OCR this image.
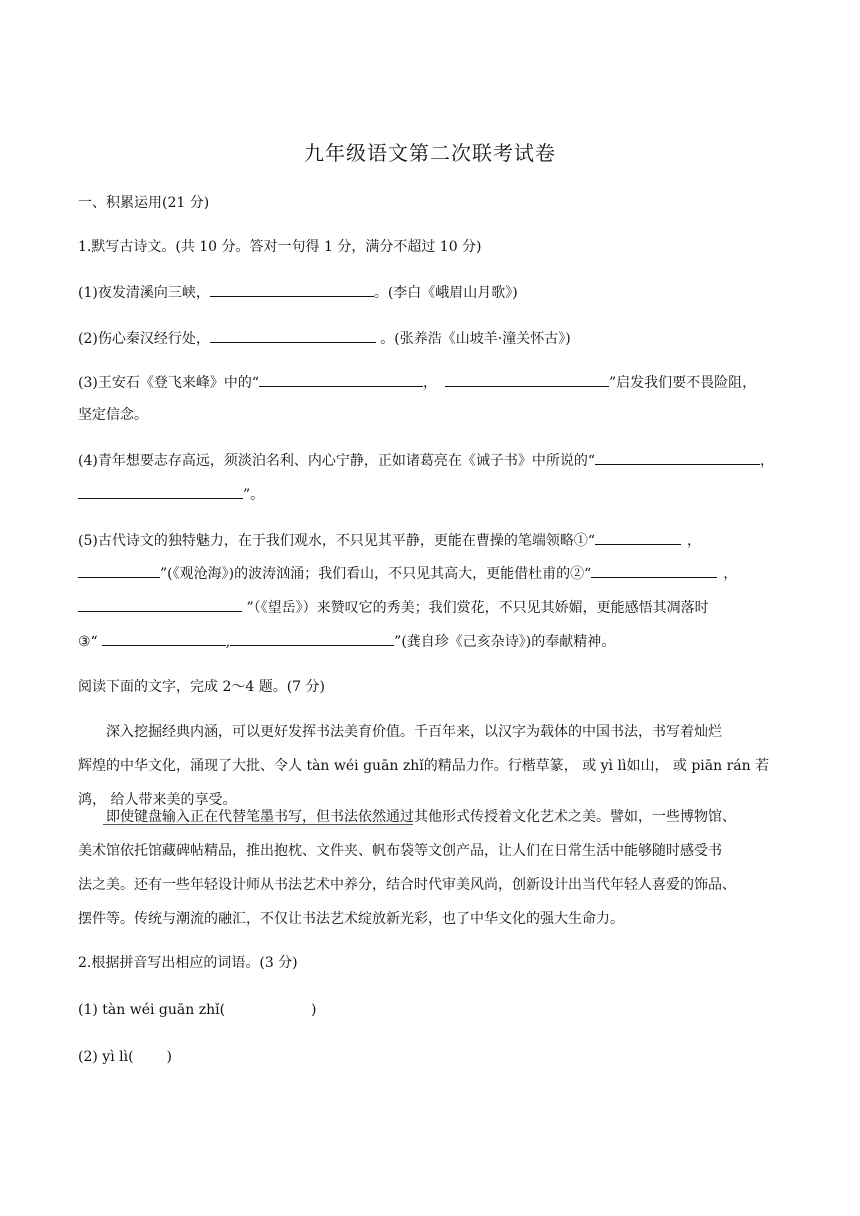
九年级语文第二次联考试卷
一、积累运用(21 分)
1.默写古诗文。(共 10 分。答对一句得 1 分，满分不超过 10 分)
(1)夜发清溪向三峡，	。(李白《峨眉山月歌》)
(2)伤心秦汉经行处，	。(张养浩《山坡羊·潼关怀古》)
(3)王安石《登飞来峰》中的“	，	”启发我们要不畏险阻，
坚定信念。
(4)青年想要志存高远，须淡泊名利、内心宁静，正如诸葛亮在《诫子书》中所说的“	，
”。
(5)古代诗文的独特魅力，在于我们观水，不只见其平静，更能在曹操的笔端领略①“	，
”(《观沧海》)的波涛汹涌；我们看山，不只见其高大，更能借杜甫的②“	，
”（《望岳》）来赞叹它的秀美；我们赏花，不只见其娇媚，更能感悟其凋落时
③“	,	”(龚自珍《己亥杂诗》)的奉献精神。
阅读下面的文字，完成 2～4 题。(7 分)
深入挖掘经典内涵，可以更好发挥书法美育价值。千百年来，以汉字为载体的中国书法，书写着灿烂
辉煌的中华文化，涌现了大批、令人 tàn wéi guān zhǐ的精品力作。行楷草篆， 或 yì lì如山， 或 piān rán 若
鸿， 给人带来美的享受。
即使键盘输入正在代替笔墨书写，但书法依然通过其他形式传授着文化艺术之美。譬如，一些博物馆、
美术馆依托馆藏碑帖精品，推出抱枕、文件夹、帆布袋等文创产品，让人们在日常生活中能够随时感受书
法之美。还有一些年轻设计师从书法艺术中养分，结合时代审美风尚，创新设计出当代年轻人喜爱的饰品、
摆件等。传统与潮流的融汇，不仅让书法艺术绽放新光彩，也了中华文化的强大生命力。
2.根据拼音写出相应的词语。(3 分)
(1) tàn wéi guān zhǐ(	)
(2) yì lì( )
